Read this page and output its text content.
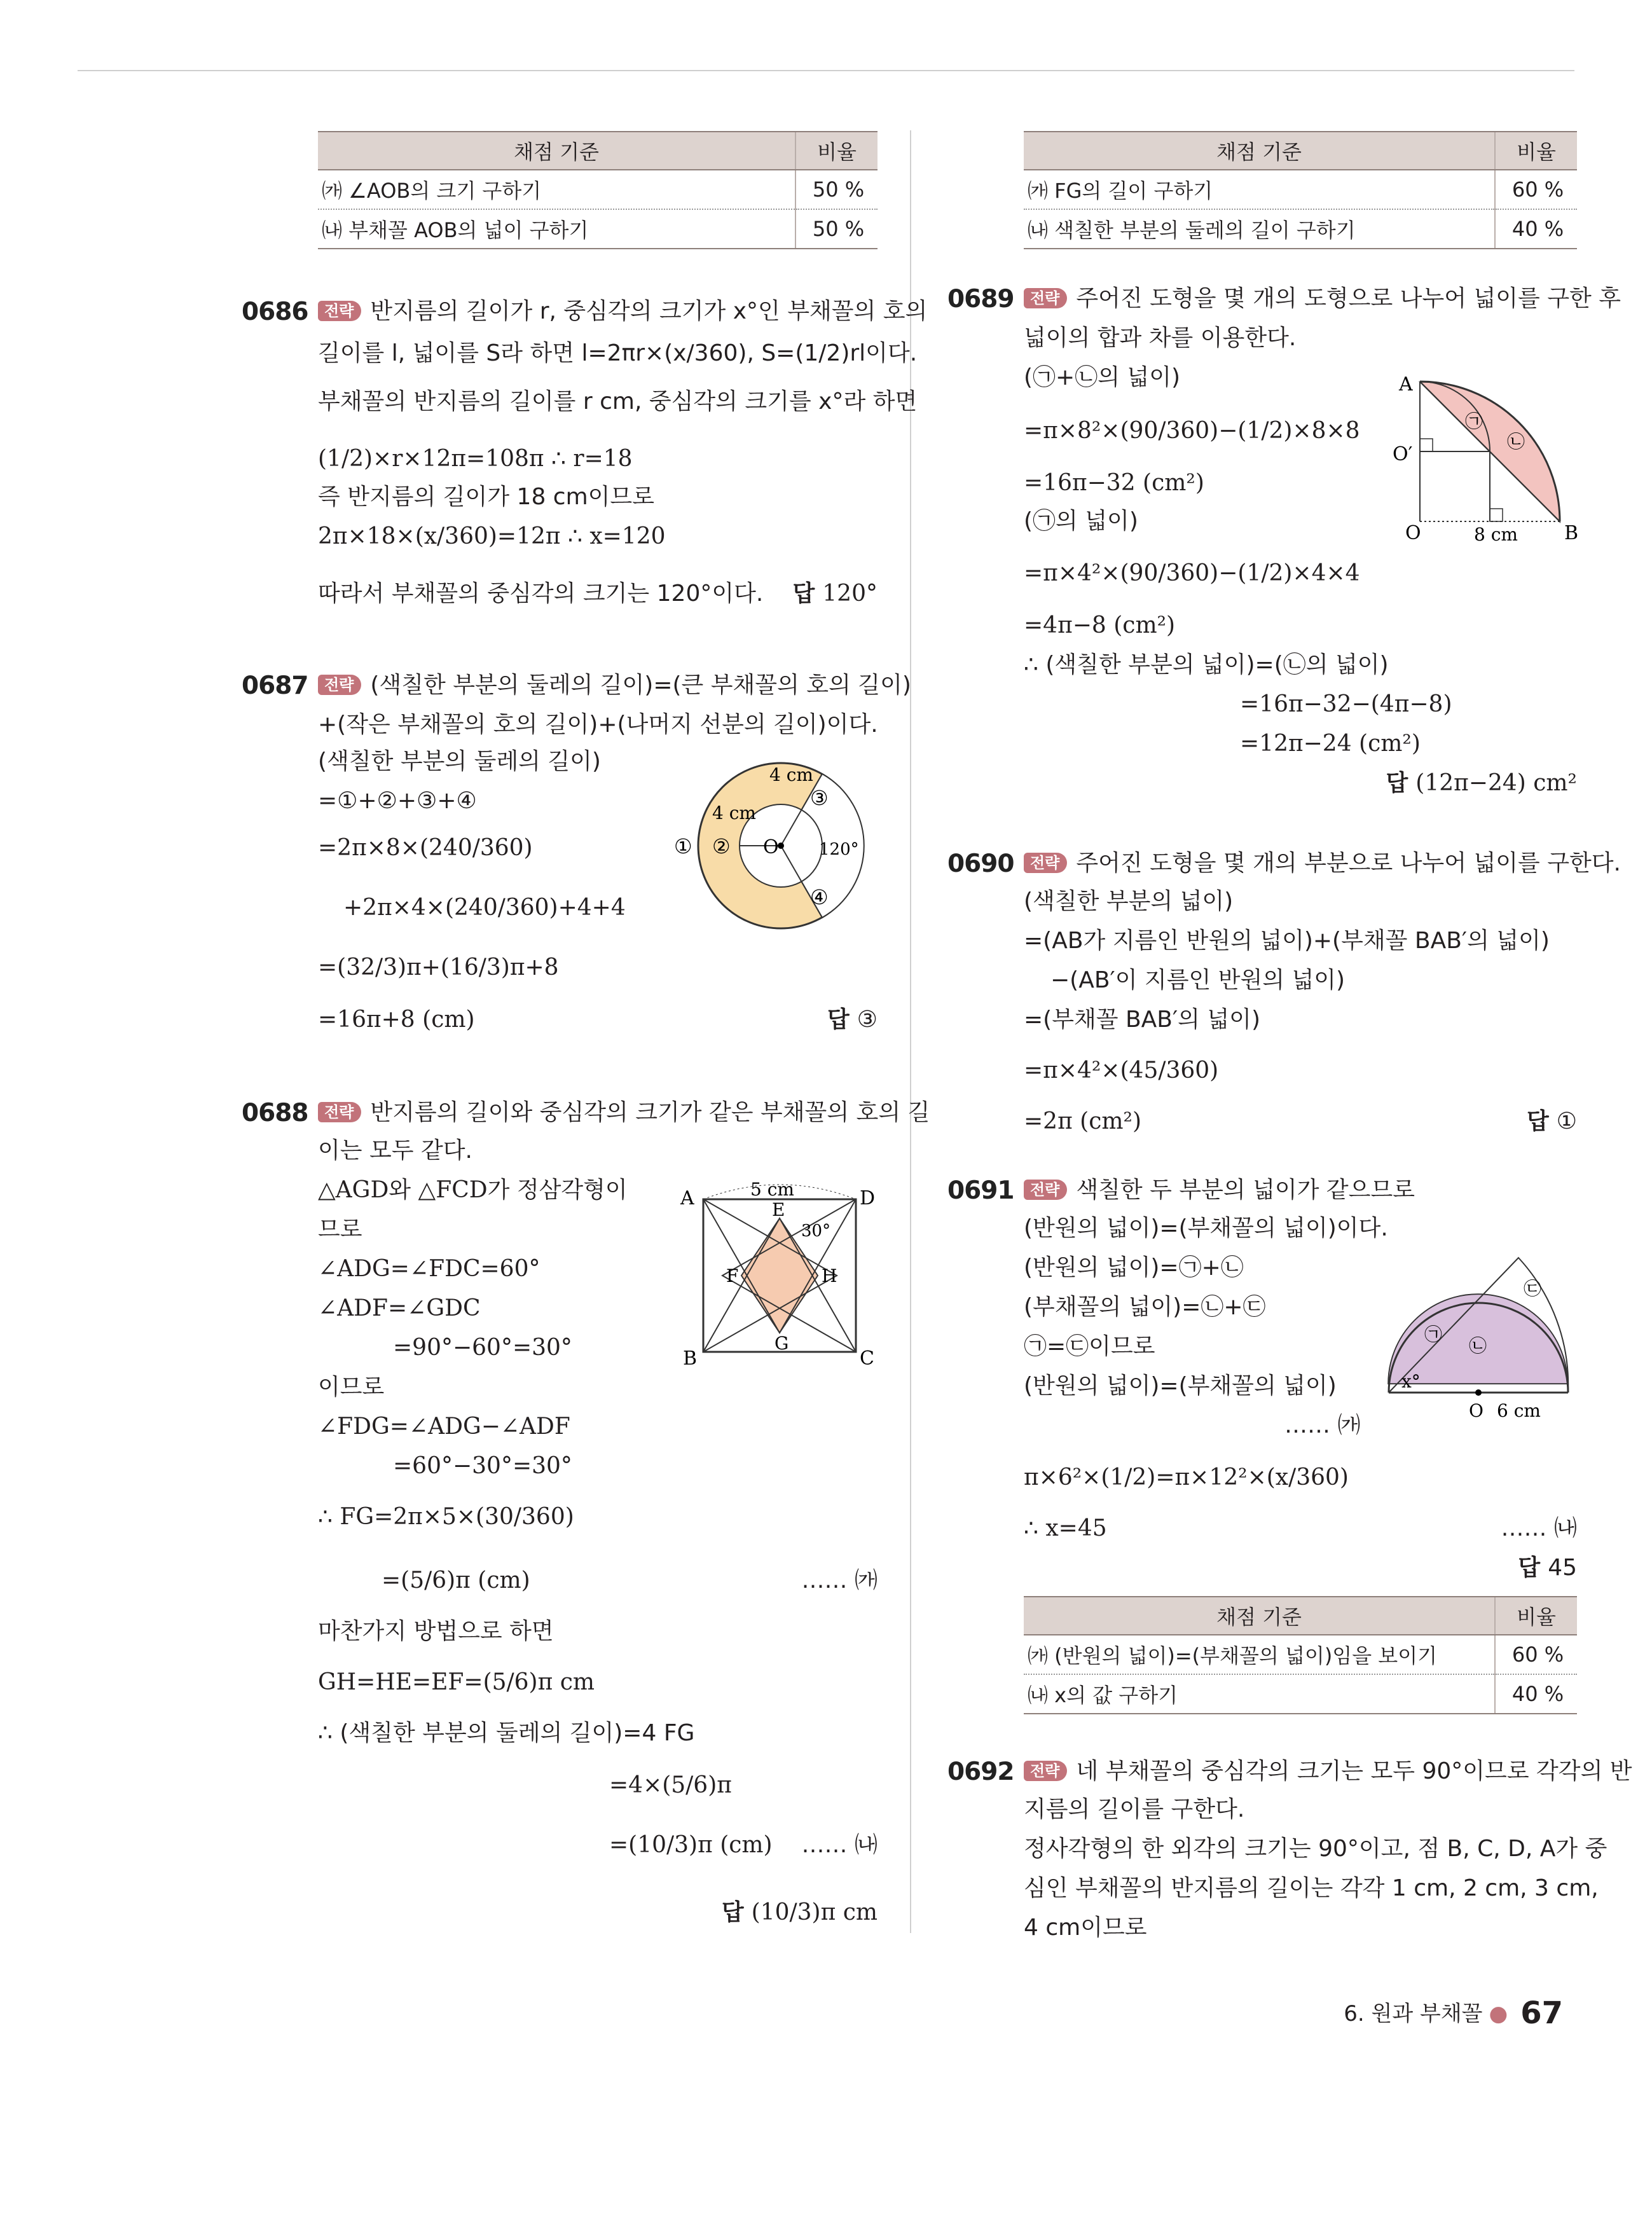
채점 기준	비율
㈎ ∠AOB의 크기 구하기	50 %
㈏ 부채꼴 AOB의 넓이 구하기	50 %
0686	전략 반지름의 길이가 r, 중심각의 크기가 x°인 부채꼴의 호의
길이를 l, 넓이를 S라 하면 l=2πr×(x/360), S=(1/2)rl이다.
부채꼴의 반지름의 길이를 r cm, 중심각의 크기를 x°라 하면
(1/2)×r×12π=108π ∴ r=18
즉 반지름의 길이가 18 cm이므로
2π×18×(x/360)=12π ∴ x=120
따라서 부채꼴의 중심각의 크기는 120°이다. 답 120°
0687	전략 (색칠한 부분의 둘레의 길이)=(큰 부채꼴의 호의 길이)
+(작은 부채꼴의 호의 길이)+(나머지 선분의 길이)이다.
(색칠한 부분의 둘레의 길이)
=①+②+③+④
=2π×8×(240/360)
+2π×4×(240/360)+4+4
=(32/3)π+(16/3)π+8
=16π+8 (cm)	답 ③
O
4 cm
4 cm
120°
① ②
③
④
0688	전략 반지름의 길이와 중심각의 크기가 같은 부채꼴의 호의 길
이는 모두 같다.
△AGD와 △FCD가 정삼각형이
므로
∠ADG=∠FDC=60°
∠ADF=∠GDC
=90°−60°=30°
이므로
∠FDG=∠ADG−∠ADF
=60°−30°=30°
∴ FG=2π×5×(30/360)
=(5/6)π (cm)	…… ㈎
마찬가지 방법으로 하면
GH=HE=EF=(5/6)π cm
∴ (색칠한 부분의 둘레의 길이)=4 FG
=4×(5/6)π
=(10/3)π (cm) …… ㈏
답 (10/3)π cm
5 cm
A	D
B	C
E
F	H
G
30°
채점 기준	비율
㈎ FG의 길이 구하기	60 %
㈏ 색칠한 부분의 둘레의 길이 구하기	40 %
0689	전략 주어진 도형을 몇 개의 도형으로 나누어 넓이를 구한 후
넓이의 합과 차를 이용한다.
(㉠+㉡의 넓이)
=π×8²×(90/360)−(1/2)×8×8
=16π−32 (cm²)
(㉠의 넓이)
=π×4²×(90/360)−(1/2)×4×4
=4π−8 (cm²)
∴ (색칠한 부분의 넓이)=(㉡의 넓이)
=16π−32−(4π−8)
=12π−24 (cm²)
답 (12π−24) cm²
A
O′
O	B
8 cm
㉠
㉡
0690	전략 주어진 도형을 몇 개의 부분으로 나누어 넓이를 구한다.
(색칠한 부분의 넓이)
=(AB가 지름인 반원의 넓이)+(부채꼴 BAB′의 넓이)
−(AB′이 지름인 반원의 넓이)
=(부채꼴 BAB′의 넓이)
=π×4²×(45/360)
=2π (cm²)	답 ①
0691	전략 색칠한 두 부분의 넓이가 같으므로
(반원의 넓이)=(부채꼴의 넓이)이다.
(반원의 넓이)=㉠+㉡
(부채꼴의 넓이)=㉡+㉢
㉠=㉢이므로
(반원의 넓이)=(부채꼴의 넓이)
…… ㈎
π×6²×(1/2)=π×12²×(x/360)
∴ x=45	…… ㈏
답 45
x°
O 6 cm
㉠
㉡
㉢
채점 기준	비율
㈎ (반원의 넓이)=(부채꼴의 넓이)임을 보이기	60 %
㈏ x의 값 구하기	40 %
0692	전략 네 부채꼴의 중심각의 크기는 모두 90°이므로 각각의 반
지름의 길이를 구한다.
정사각형의 한 외각의 크기는 90°이고, 점 B, C, D, A가 중
심인 부채꼴의 반지름의 길이는 각각 1 cm, 2 cm, 3 cm,
4 cm이므로
6. 원과 부채꼴 ● 67
